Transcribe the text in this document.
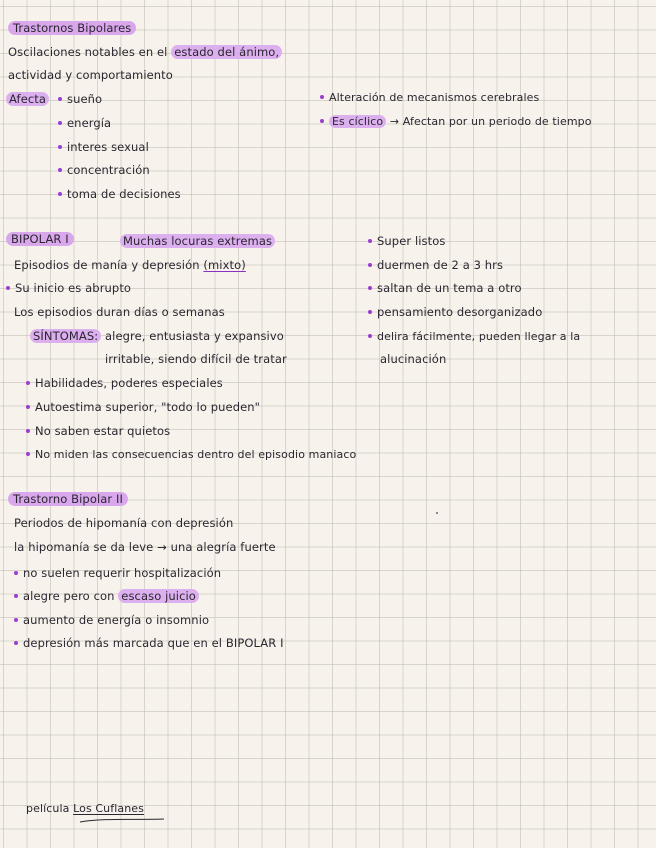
Trastornos Bipolares
Oscilaciones notables en el estado del ánimo,
actividad y comportamiento
Afecta	sueño
energía
interes sexual
concentración
toma de decisiones
Alteración de mecanismos cerebrales
Es cíclico → Afectan por un periodo de tiempo
BIPOLAR I	Muchas locuras extremas
Episodios de manía y depresión (mixto)
Su inicio es abrupto
Los episodios duran días o semanas
SÍNTOMAS: alegre, entusiasta y expansivo
irritable, siendo difícil de tratar
Habilidades, poderes especiales
Autoestima superior, "todo lo pueden"
No saben estar quietos
No miden las consecuencias dentro del episodio maniaco
Super listos
duermen de 2 a 3 hrs
saltan de un tema a otro
pensamiento desorganizado
delira fácilmente, pueden llegar a la
alucinación
Trastorno Bipolar II
Periodos de hipomanía con depresión
la hipomanía se da leve → una alegría fuerte
no suelen requerir hospitalización
alegre pero con escaso juicio
aumento de energía o insomnio
depresión más marcada que en el BIPOLAR I
película Los Cuflanes
